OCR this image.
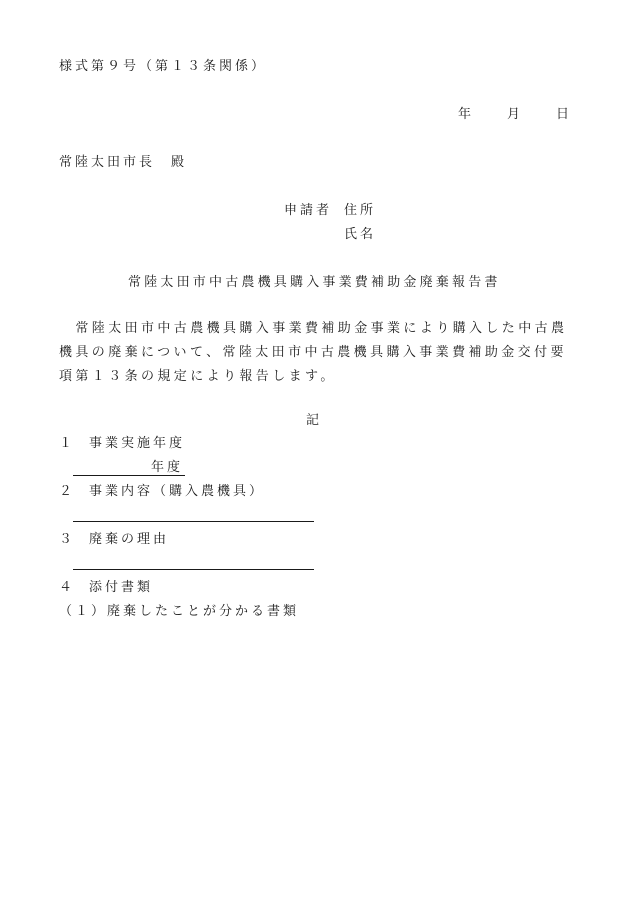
様式第９号（第１３条関係）
年	月	日
常陸太田市長　殿
申請者 住所
氏名
常陸太田市中古農機具購入事業費補助金廃棄報告書
　常陸太田市中古農機具購入事業費補助金事業により購入した中古農
機具の廃棄について、常陸太田市中古農機具購入事業費補助金交付要
項第１３条の規定により報告します。
記
１ 事業実施年度
年度
２ 事業内容（購入農機具）
３ 廃棄の理由
４ 添付書類
（１）廃棄したことが分かる書類
